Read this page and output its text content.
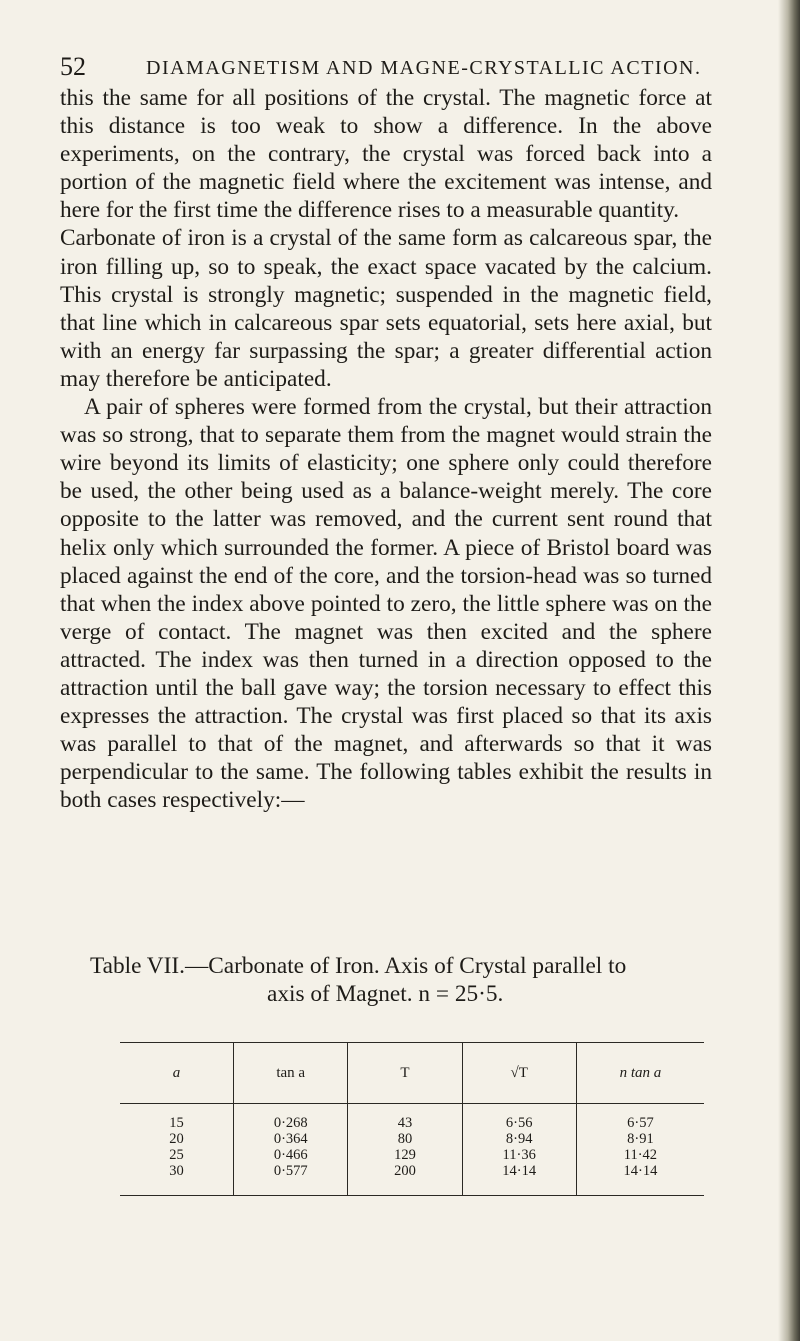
52	DIAMAGNETISM AND MAGNE-CRYSTALLIC ACTION.

this the same for all positions of the crystal. The magnetic force at this distance is too weak to show a difference. In the above experiments, on the contrary, the crystal was forced back into a portion of the magnetic field where the excitement was intense, and here for the first time the difference rises to a measurable quantity.

Carbonate of iron is a crystal of the same form as calcareous spar, the iron filling up, so to speak, the exact space vacated by the calcium. This crystal is strongly magnetic; suspended in the magnetic field, that line which in calcareous spar sets equatorial, sets here axial, but with an energy far surpassing the spar; a greater differential action may therefore be anticipated.

A pair of spheres were formed from the crystal, but their attraction was so strong, that to separate them from the magnet would strain the wire beyond its limits of elasticity; one sphere only could therefore be used, the other being used as a balance-weight merely. The core opposite to the latter was removed, and the current sent round that helix only which surrounded the former. A piece of Bristol board was placed against the end of the core, and the torsion-head was so turned that when the index above pointed to zero, the little sphere was on the verge of contact. The magnet was then excited and the sphere attracted. The index was then turned in a direction opposed to the attraction until the ball gave way; the torsion necessary to effect this expresses the attraction. The crystal was first placed so that its axis was parallel to that of the magnet, and afterwards so that it was perpendicular to the same. The following tables exhibit the results in both cases respectively:—

Table VII.—Carbonate of Iron. Axis of Crystal parallel to
axis of Magnet. n = 25·5.
a	tan a	T	√T	n tan a
15	0·268	43	6·56	6·57
20	0·364	80	8·94	8·91
25	0·466	129	11·36	11·42
30	0·577	200	14·14	14·14
